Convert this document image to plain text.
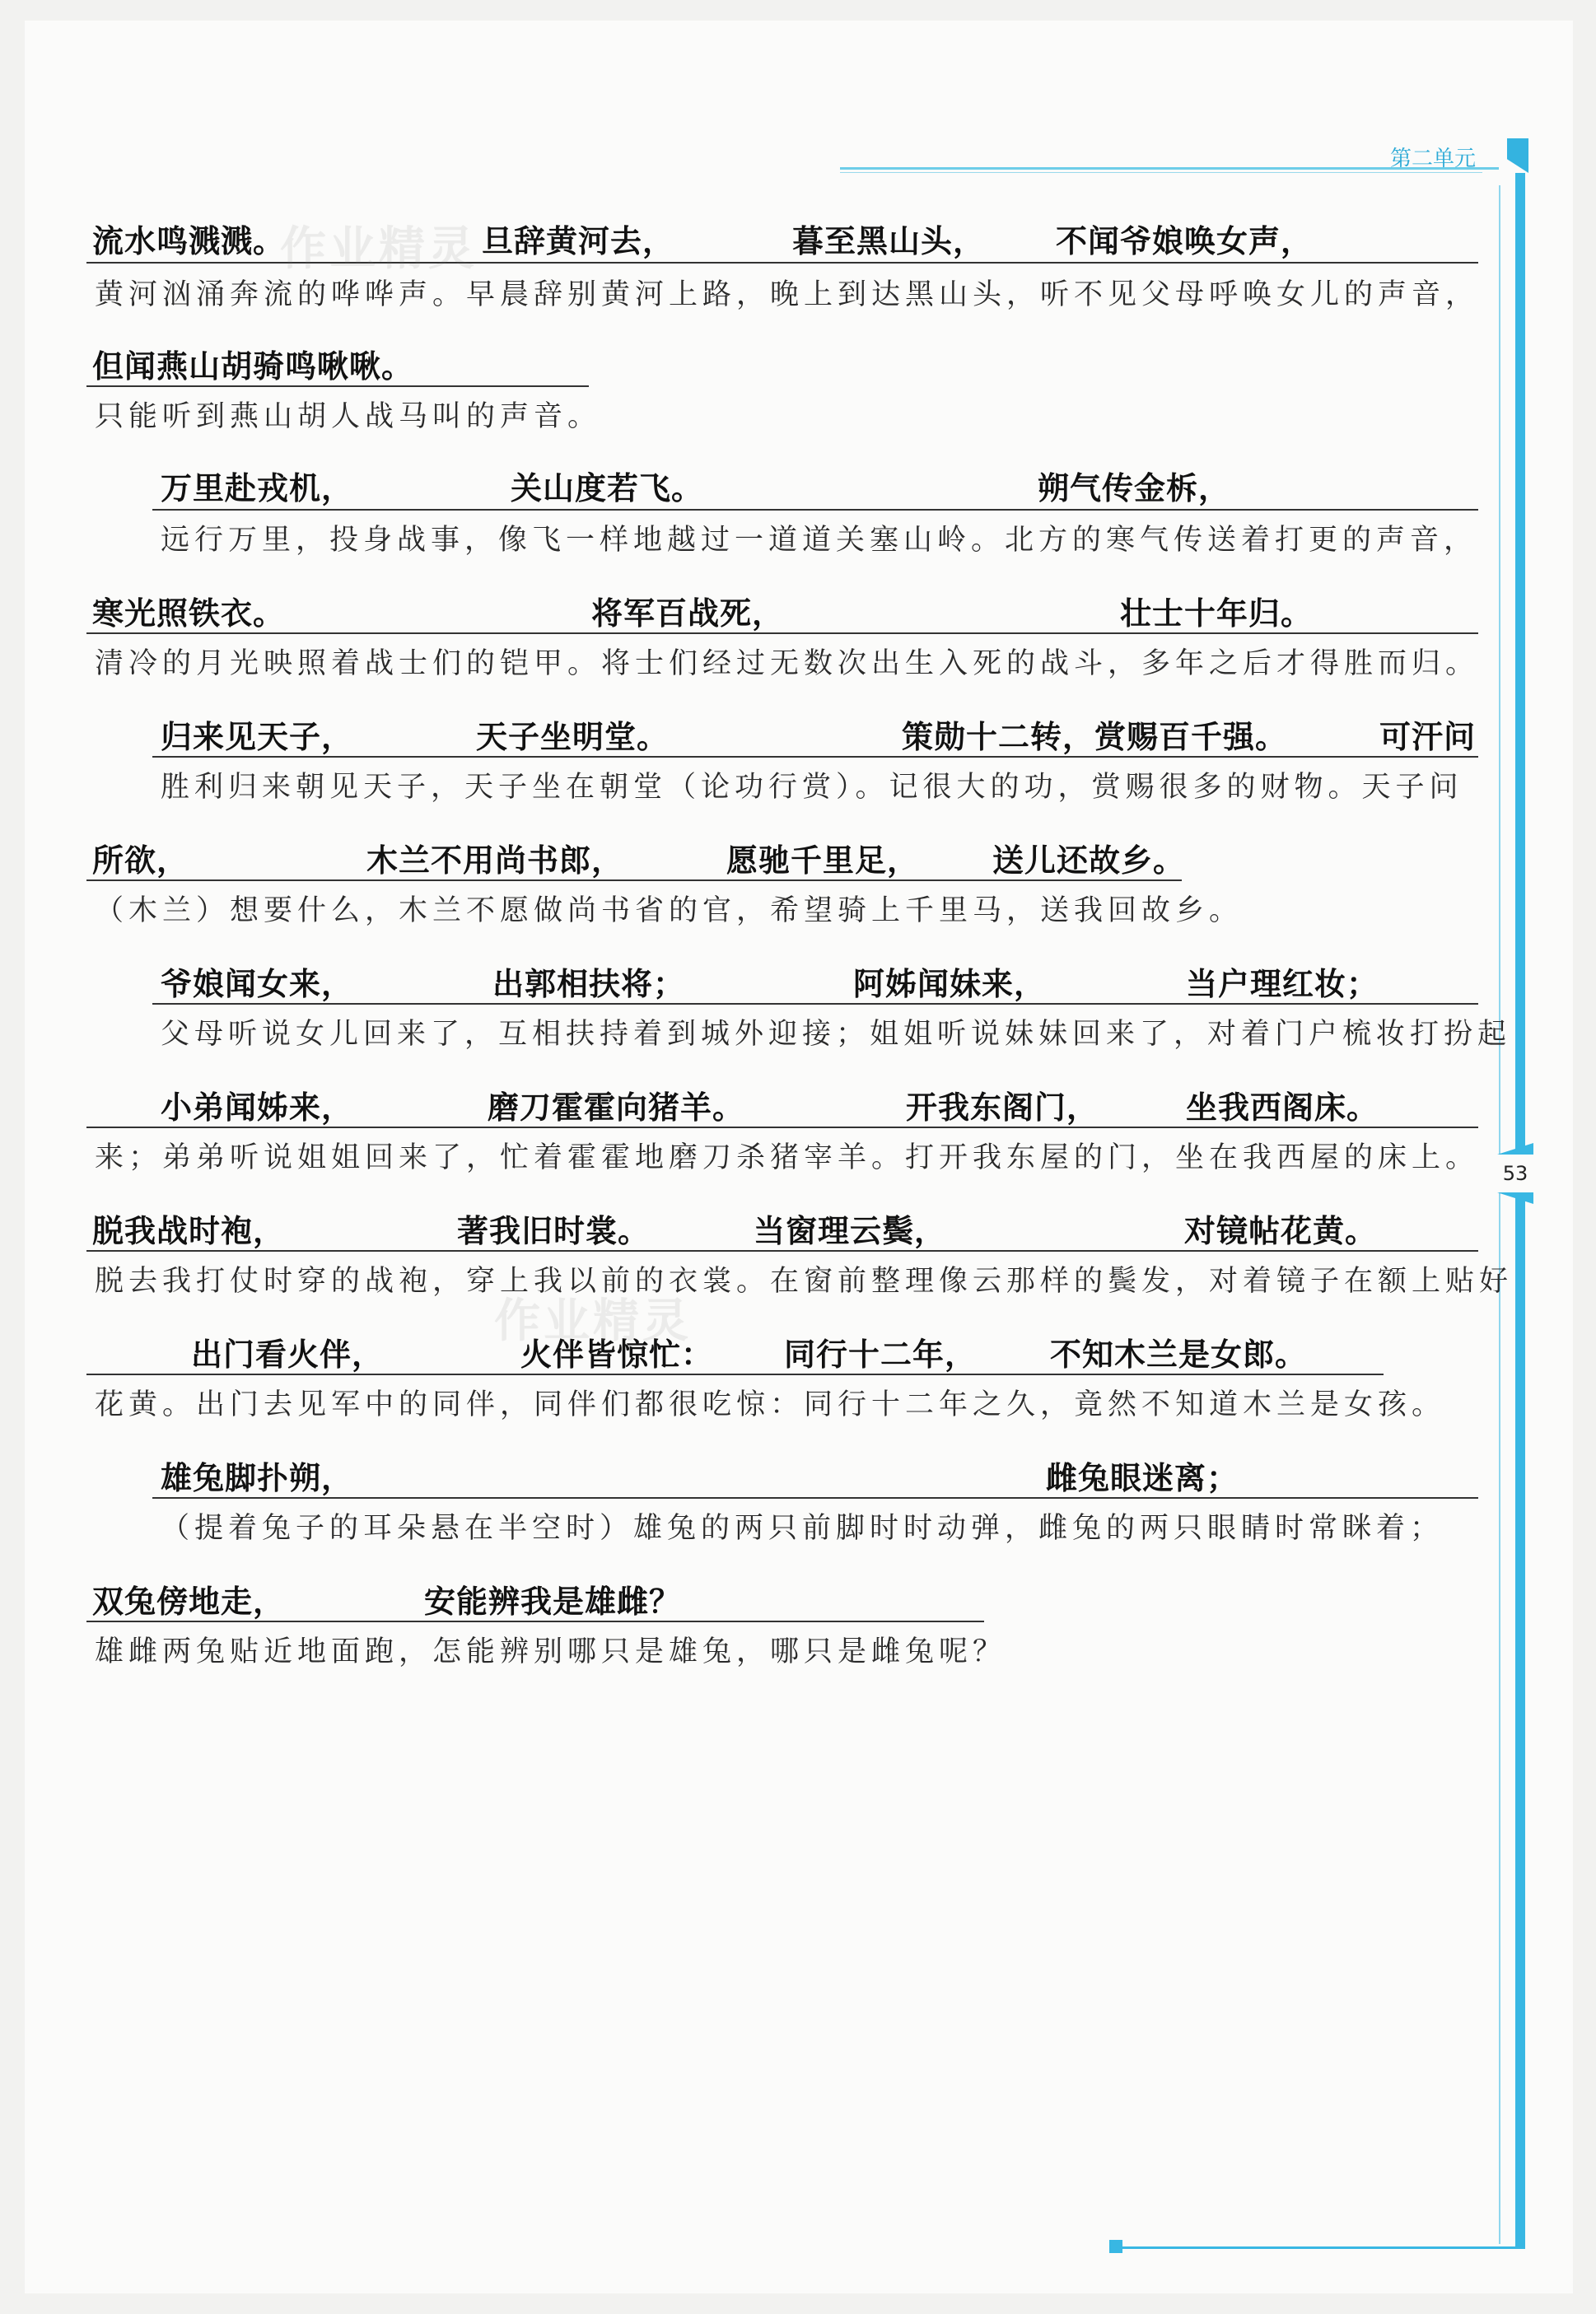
第二单元
53
流水鸣溅溅。	旦辞黄河去，	暮至黑山头， 不闻爷娘唤女声，
黄河汹涌奔流的哗哗声。早晨辞别黄河上路，晚上到达黑山头，听不见父母呼唤女儿的声音，
但闻燕山胡骑鸣啾啾。
只能听到燕山胡人战马叫的声音。
万里赴戎机，	关山度若飞。	朔气传金柝，
远行万里，投身战事，像飞一样地越过一道道关塞山岭。北方的寒气传送着打更的声音，
寒光照铁衣。	将军百战死，	壮士十年归。
清冷的月光映照着战士们的铠甲。将士们经过无数次出生入死的战斗，多年之后才得胜而归。
归来见天子，	天子坐明堂。	策勋十二转，赏赐百千强。	可汗问
胜利归来朝见天子，天子坐在朝堂（论功行赏）。记很大的功，赏赐很多的财物。天子问
所欲，	木兰不用尚书郎，	愿驰千里足， 送儿还故乡。
（木兰）想要什么，木兰不愿做尚书省的官，希望骑上千里马，送我回故乡。
爷娘闻女来，	出郭相扶将；	阿姊闻妹来，	当户理红妆；
父母听说女儿回来了，互相扶持着到城外迎接；姐姐听说妹妹回来了，对着门户梳妆打扮起
小弟闻姊来，	磨刀霍霍向猪羊。	开我东阁门，	坐我西阁床。
来；弟弟听说姐姐回来了，忙着霍霍地磨刀杀猪宰羊。打开我东屋的门，坐在我西屋的床上。
脱我战时袍，	著我旧时裳。	当窗理云鬓，	对镜帖花黄。
脱去我打仗时穿的战袍，穿上我以前的衣裳。在窗前整理像云那样的鬓发，对着镜子在额上贴好
出门看火伴，	火伴皆惊忙： 同行十二年， 不知木兰是女郎。
花黄。出门去见军中的同伴，同伴们都很吃惊：同行十二年之久，竟然不知道木兰是女孩。
雄兔脚扑朔，	雌兔眼迷离；
（提着兔子的耳朵悬在半空时）雄兔的两只前脚时时动弹，雌兔的两只眼睛时常眯着；
双兔傍地走，	安能辨我是雄雌？
雄雌两兔贴近地面跑，怎能辨别哪只是雄兔，哪只是雌兔呢？
作业精灵
作业精灵
